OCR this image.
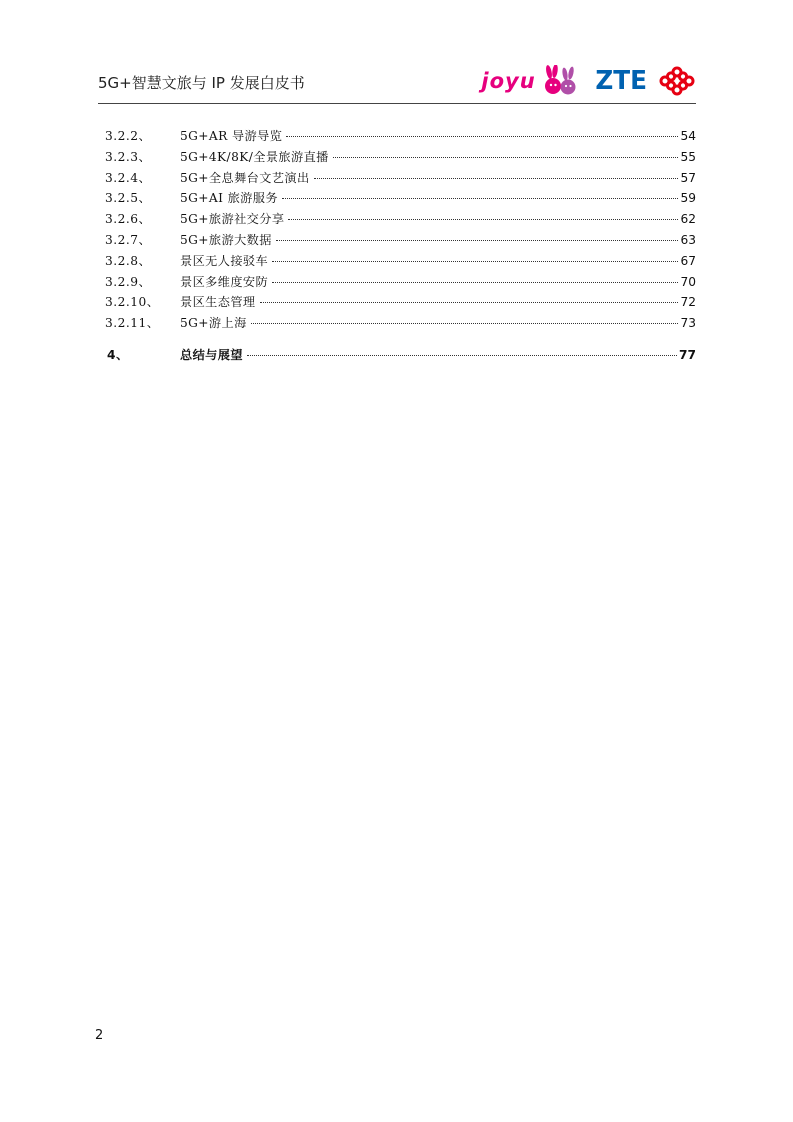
5G+智慧文旅与 IP 发展白皮书	joyu ZTE
3.2.2、	5G+AR 导游导览	54
3.2.3、	5G+4K/8K/全景旅游直播	55
3.2.4、	5G+全息舞台文艺演出	57
3.2.5、	5G+AI 旅游服务	59
3.2.6、	5G+旅游社交分享	62
3.2.7、	5G+旅游大数据	63
3.2.8、	景区无人接驳车	67
3.2.9、	景区多维度安防	70
3.2.10、	景区生态管理	72
3.2.11、	5G+游上海	73
4、	总结与展望	77
2
